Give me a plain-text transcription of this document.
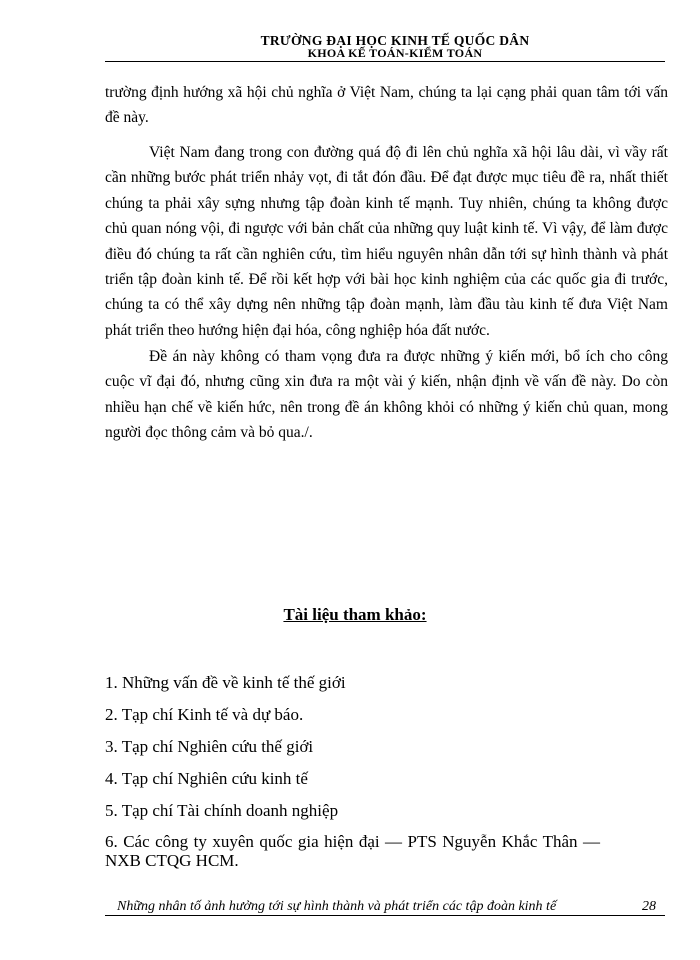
TRƯỜNG ĐẠI HỌC KINH TẾ QUỐC DÂN
KHOA KẾ TOÁN-KIỂM TOÁN

trường định hướng xã hội chủ nghĩa ở Việt Nam, chúng ta lại cạng phải quan tâm tới vấn đề này.

Việt Nam đang trong con đường quá độ đi lên chủ nghĩa xã hội lâu dài, vì vầy rất cần những bước phát triển nhảy vọt, đi tắt đón đầu. Để đạt được mục tiêu đề ra, nhất thiết chúng ta phải xây sựng nhưng tập đoàn kinh tế mạnh. Tuy nhiên, chúng ta không được chủ quan nóng vội, đi ngược với bản chất của những quy luật kinh tế. Vì vậy, để làm được điều đó chúng ta rất cần nghiên cứu, tìm hiểu nguyên nhân dẫn tới sự hình thành và phát triển tập đoàn kinh tế. Để rồi kết hợp với bài học kinh nghiệm của các quốc gia đi trước, chúng ta có thể xây dựng nên những tập đoàn mạnh, làm đầu tàu kinh tế đưa Việt Nam phát triển theo hướng hiện đại hóa, công nghiệp hóa đất nước.

Đề án này không có tham vọng đưa ra được những ý kiến mới, bổ ích cho công cuộc vĩ đại đó, nhưng cũng xin đưa ra một vài ý kiến, nhận định về vấn đề này. Do còn nhiều hạn chế về kiến hức, nên trong đề án không khỏi có những ý kiến chủ quan, mong người đọc thông cảm và bỏ qua./.

Tài liệu tham khảo:
1. Những vấn đề về kinh tế thế giới
2. Tạp chí Kinh tế và dự báo.
3. Tạp chí Nghiên cứu thế giới
4. Tạp chí Nghiên cứu kinh tế
5. Tạp chí Tài chính doanh nghiệp
6. Các công ty xuyên quốc gia hiện đại — PTS Nguyễn Khắc Thân — NXB CTQG HCM.
Những nhân tố ảnh hưởng tới sự hình thành và phát triển các tập đoàn kinh tế	28
